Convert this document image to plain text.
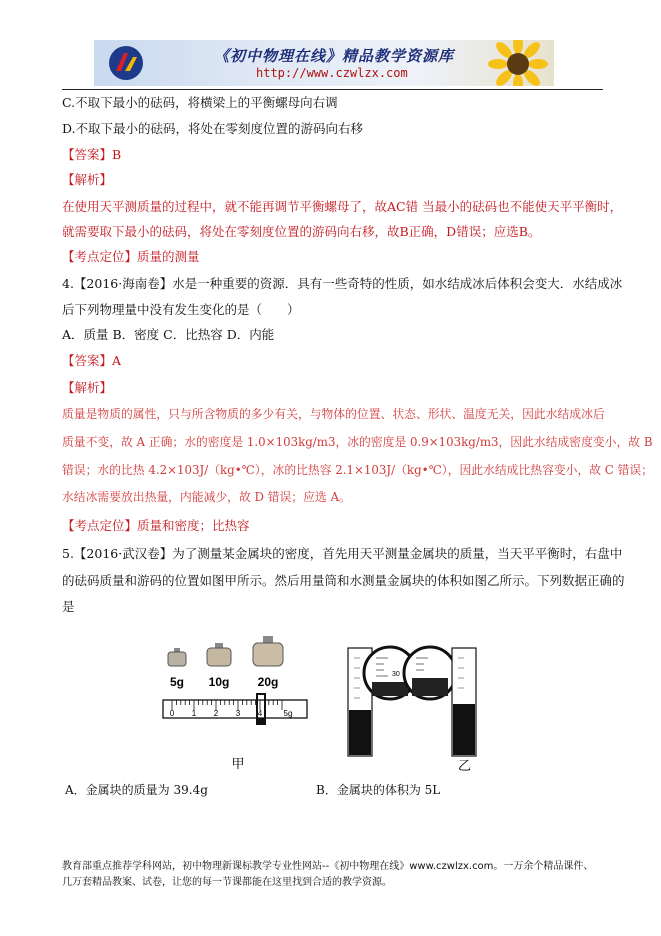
《初中物理在线》精品教学资源库
http://www.czwlzx.com
C.不取下最小的砝码，将横梁上的平衡螺母向右调
D.不取下最小的砝码，将处在零刻度位置的游码向右移
【答案】B
【解析】
在使用天平测质量的过程中，就不能再调节平衡螺母了，故AC错 当最小的砝码也不能使天平平衡时，
就需要取下最小的砝码，将处在零刻度位置的游码向右移，故B正确，D错误；应选B。
【考点定位】质量的测量
4.【2016·海南卷】水是一种重要的资源．具有一些奇特的性质，如水结成冰后体积会变大．水结成冰
后下列物理量中没有发生变化的是（　　）
A．质量 B．密度 C．比热容 D．内能
【答案】A
【解析】
质量是物质的属性，只与所含物质的多少有关，与物体的位置、状态、形状、温度无关，因此水结成冰后
质量不变，故 A 正确；水的密度是 1.0×103kg/m3，冰的密度是 0.9×103kg/m3，因此水结成密度变小，故 B
错误；水的比热 4.2×103J/（kg•℃），冰的比热容 2.1×103J/（kg•℃），因此水结成比热容变小，故 C 错误；
水结冰需要放出热量，内能减少，故 D 错误；应选 A。
【考点定位】质量和密度；比热容
5.【2016·武汉卷】为了测量某金属块的密度，首先用天平测量金属块的质量，当天平平衡时，右盘中
的砝码质量和游码的位置如图甲所示。然后用量筒和水测量金属块的体积如图乙所示。下列数据正确的
是
5g 10g 20g
0 1 2 3 4	5g
甲
30
乙
A．金属块的质量为 39.4g	B．金属块的体积为 5L
教育部重点推荐学科网站，初中物理新课标教学专业性网站--《初中物理在线》www.czwlzx.com。一万余个精品课件、
几万套精品教案、试卷，让您的每一节课都能在这里找到合适的教学资源。
